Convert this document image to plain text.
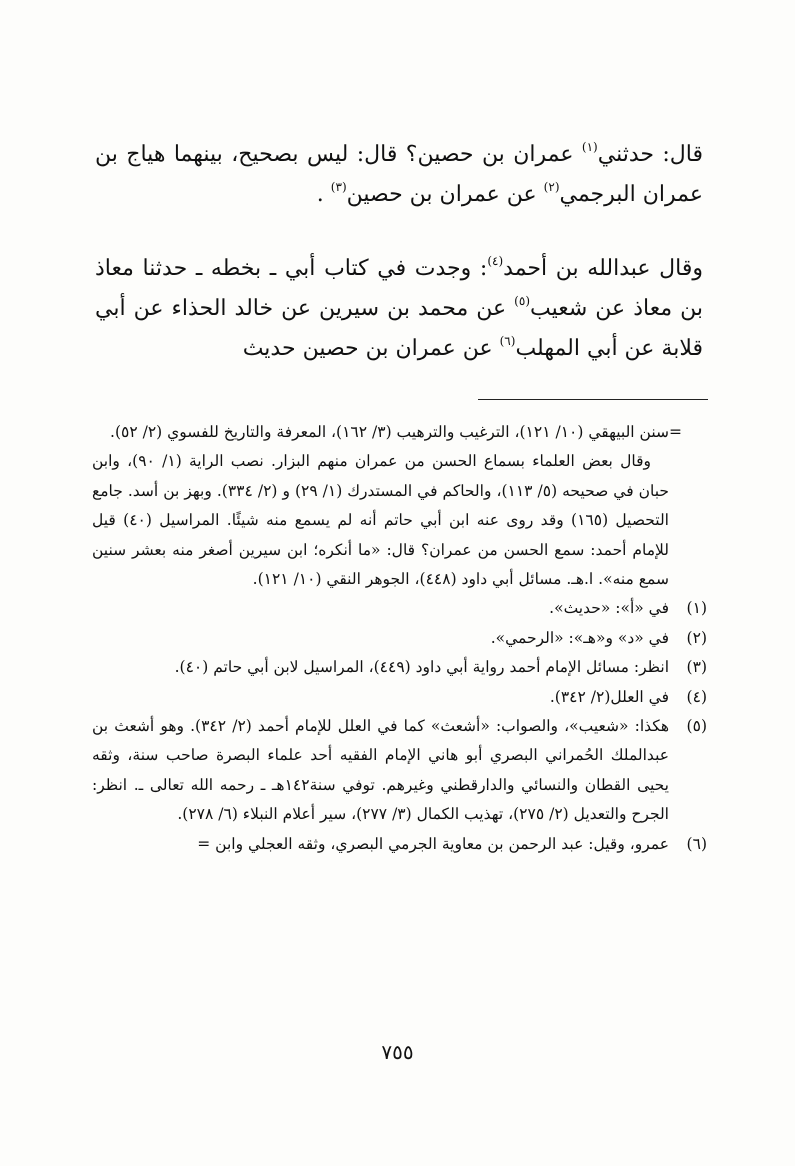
قال: حدثني$^{(١)}$ عمران بن حصين؟ قال: ليس بصحيح، بينهما هياج بن عمران البرجمي$^{(٢)}$ عن عمران بن حصين$^{(٣)}$ .

وقال عبدالله بن أحمد$^{(٤)}$: وجدت في كتاب أبي ـ بخطه ـ حدثنا معاذ بن معاذ عن شعيب$^{(٥)}$ عن محمد بن سيرين عن خالد الحذاء عن أبي قلابة عن أبي المهلب$^{(٦)}$ عن عمران بن حصين حديث

=
سنن البيهقي (١٠/ ١٢١)، الترغيب والترهيب (٣/ ١٦٢)، المعرفة والتاريخ للفسوي (٢/ ٥٢).
وقال بعض العلماء بسماع الحسن من عمران منهم البزار. نصب الراية (١/ ٩٠)، وابن حبان في صحيحه (٥/ ١١٣)، والحاكم في المستدرك (١/ ٢٩) و (٢/ ٣٣٤). وبهز بن أسد. جامع التحصيل (١٦٥) وقد روى عنه ابن أبي حاتم أنه لم يسمع منه شيئًا. المراسيل (٤٠) قيل للإمام أحمد: سمع الحسن من عمران؟ قال: «ما أنكره؛ ابن سيرين أصغر منه بعشر سنين سمع منه». ا.هـ. مسائل أبي داود (٤٤٨)، الجوهر النقي (١٠/ ١٢١).
(١)
في «أ»: «حديث».
(٢)
في «د» و«هـ»: «الرحمي».
(٣)
انظر: مسائل الإمام أحمد رواية أبي داود (٤٤٩)، المراسيل لابن أبي حاتم (٤٠).
(٤)
في العلل(٢/ ٣٤٢).
(٥)
هكذا: «شعيب»، والصواب: «أشعث» كما في العلل للإمام أحمد (٢/ ٣٤٢). وهو أشعث بن عبدالملك الحُمراني البصري أبو هاني الإمام الفقيه أحد علماء البصرة صاحب سنة، وثقه يحيى القطان والنسائي والدارقطني وغيرهم. توفي سنة١٤٢هـ ـ رحمه الله تعالى ـ. انظر: الجرح والتعديل (٢/ ٢٧٥)، تهذيب الكمال (٣/ ٢٧٧)، سير أعلام النبلاء (٦/ ٢٧٨).
(٦)
عمرو، وقيل: عبد الرحمن بن معاوية الجرمي البصري، وثقه العجلي وابن =
٧٥٥
